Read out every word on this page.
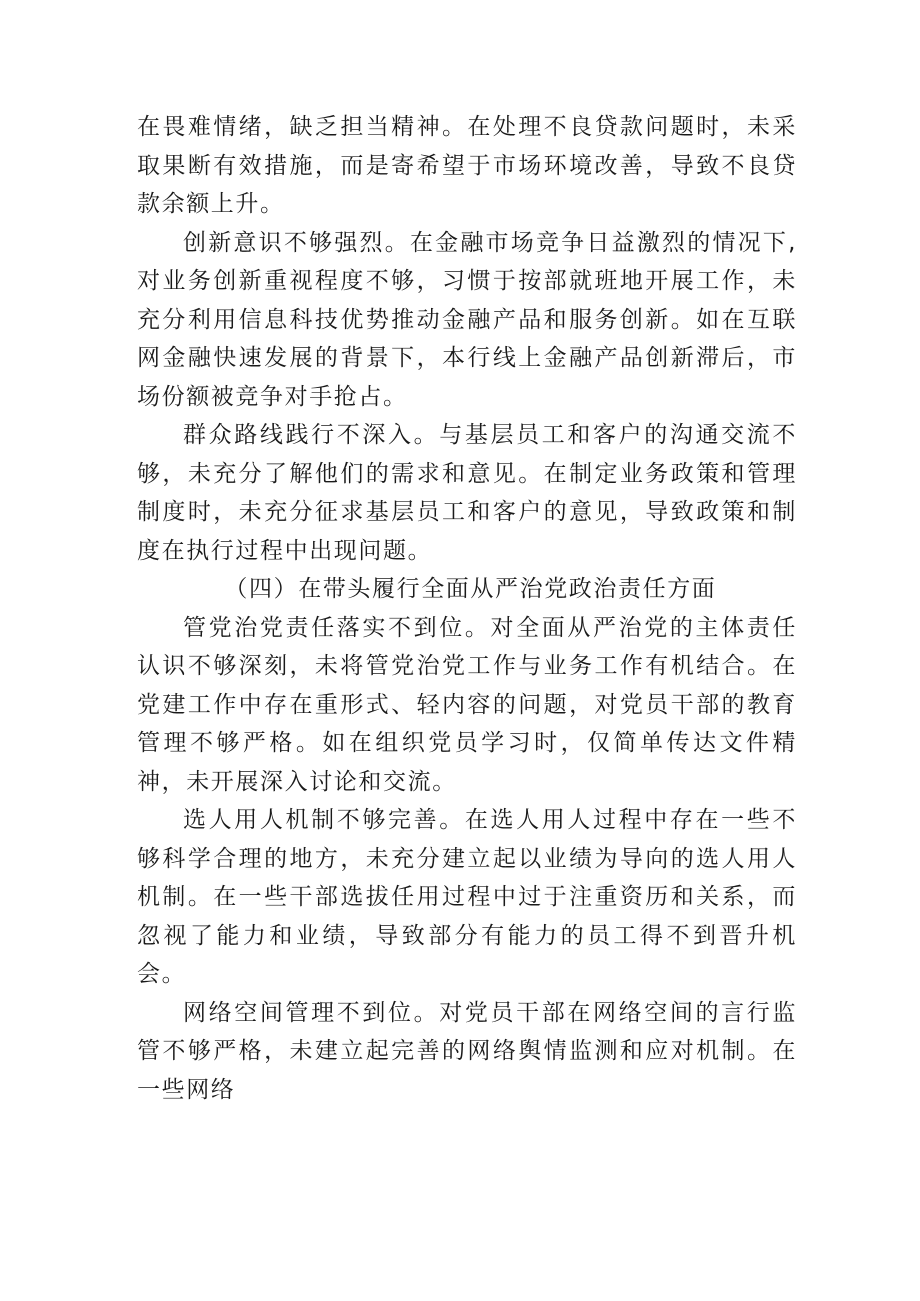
在畏难情绪，缺乏担当精神。在处理不良贷款问题时，未采取果断有效措施，而是寄希望于市场环境改善，导致不良贷款余额上升。

创新意识不够强烈。在金融市场竞争日益激烈的情况下,对业务创新重视程度不够，习惯于按部就班地开展工作，未充分利用信息科技优势推动金融产品和服务创新。如在互联网金融快速发展的背景下，本行线上金融产品创新滞后，市场份额被竞争对手抢占。

群众路线践行不深入。与基层员工和客户的沟通交流不够，未充分了解他们的需求和意见。在制定业务政策和管理制度时，未充分征求基层员工和客户的意见，导致政策和制度在执行过程中出现问题。

（四）在带头履行全面从严治党政治责任方面

管党治党责任落实不到位。对全面从严治党的主体责任认识不够深刻，未将管党治党工作与业务工作有机结合。在党建工作中存在重形式、轻内容的问题，对党员干部的教育管理不够严格。如在组织党员学习时，仅简单传达文件精神，未开展深入讨论和交流。

选人用人机制不够完善。在选人用人过程中存在一些不够科学合理的地方，未充分建立起以业绩为导向的选人用人机制。在一些干部选拔任用过程中过于注重资历和关系，而忽视了能力和业绩，导致部分有能力的员工得不到晋升机会。

网络空间管理不到位。对党员干部在网络空间的言行监管不够严格，未建立起完善的网络舆情监测和应对机制。在一些网络
